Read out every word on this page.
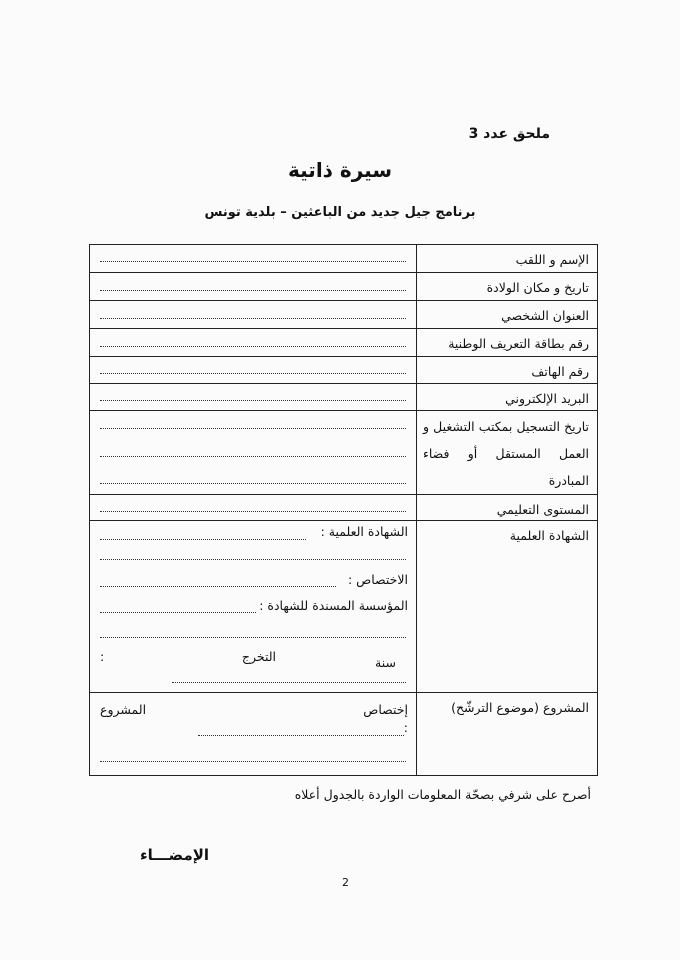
ملحق عدد 3
سيرة ذاتية
برنامج جيل جديد من الباعثين – بلدية تونس
الإسم و اللقب
تاريخ و مكان الولادة
العنوان الشخصي
رقم بطاقة التعريف الوطنية
رقم الهاتف
البريد الإلكتروني
تاريخ التسجيل بمكتب التشغيل و العمل المستقل أو فضاء المبادرة
المستوى التعليمي
الشهادة العلمية
الشهادة العلمية :
الاختصاص :
المؤسسة المسندة للشهادة :
سنة
التخرج
:
المشروع (موضوع الترشّح)
إختصاص
المشروع
:
أصرح على شرفي بصحّة المعلومات الواردة بالجدول أعلاه
الإمضـــاء
2
